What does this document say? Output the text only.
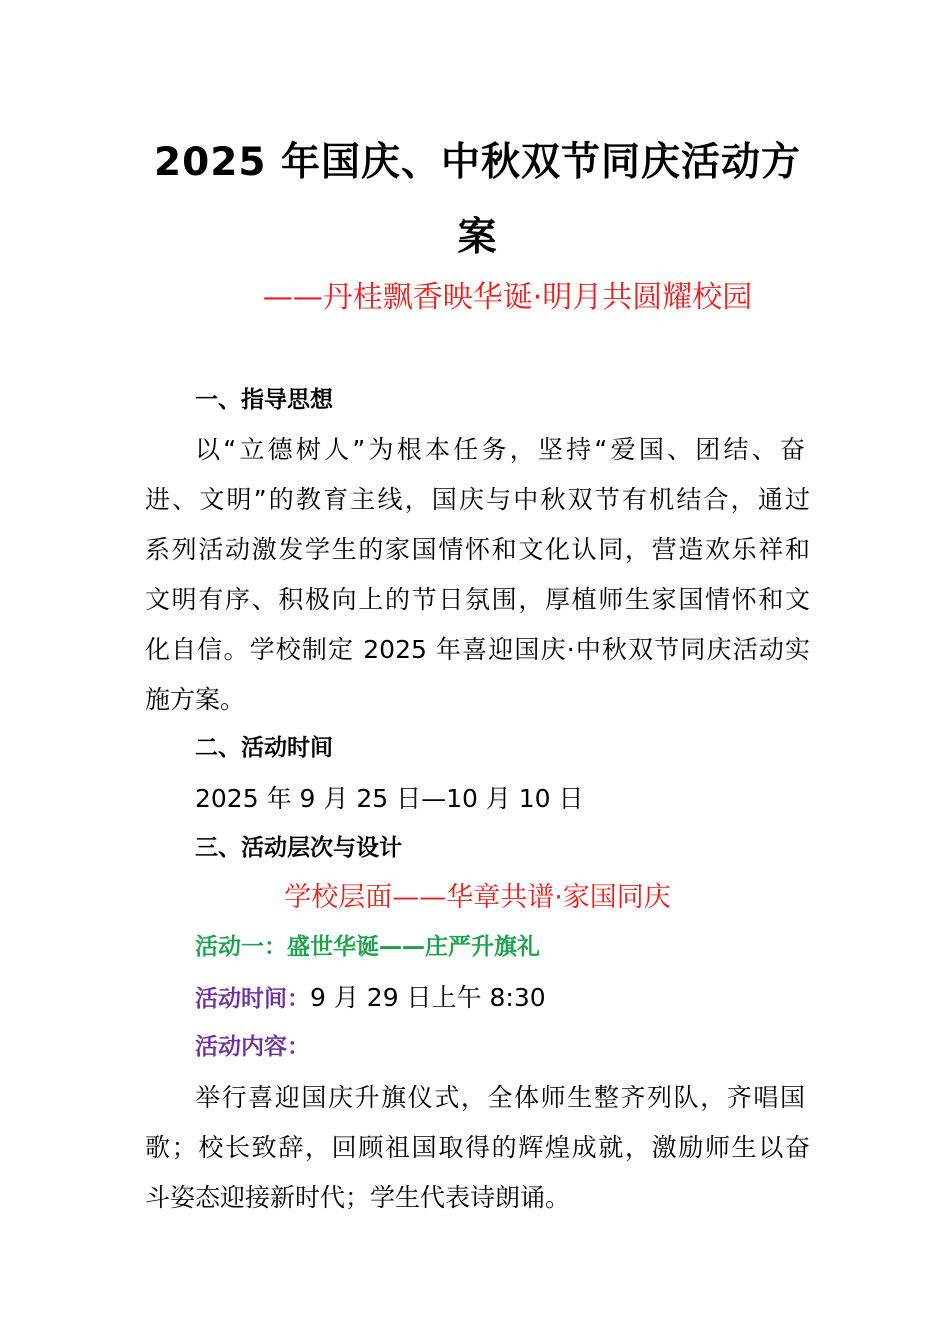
2025 年国庆、中秋双节同庆活动方
案
——丹桂飘香映华诞·明月共圆耀校园
一、指导思想
以“立德树人”为根本任务，坚持“爱国、团结、奋
进、文明”的教育主线，国庆与中秋双节有机结合，通过
系列活动激发学生的家国情怀和文化认同，营造欢乐祥和
文明有序、积极向上的节日氛围，厚植师生家国情怀和文
化自信。学校制定 2025 年喜迎国庆·中秋双节同庆活动实
施方案。
二、活动时间
2025 年 9 月 25 日—10 月 10 日
三、活动层次与设计
学校层面——华章共谱·家国同庆
活动一：盛世华诞——庄严升旗礼
活动时间：9 月 29 日上午 8:30
活动内容：
举行喜迎国庆升旗仪式，全体师生整齐列队，齐唱国
歌；校长致辞，回顾祖国取得的辉煌成就，激励师生以奋
斗姿态迎接新时代；学生代表诗朗诵。
